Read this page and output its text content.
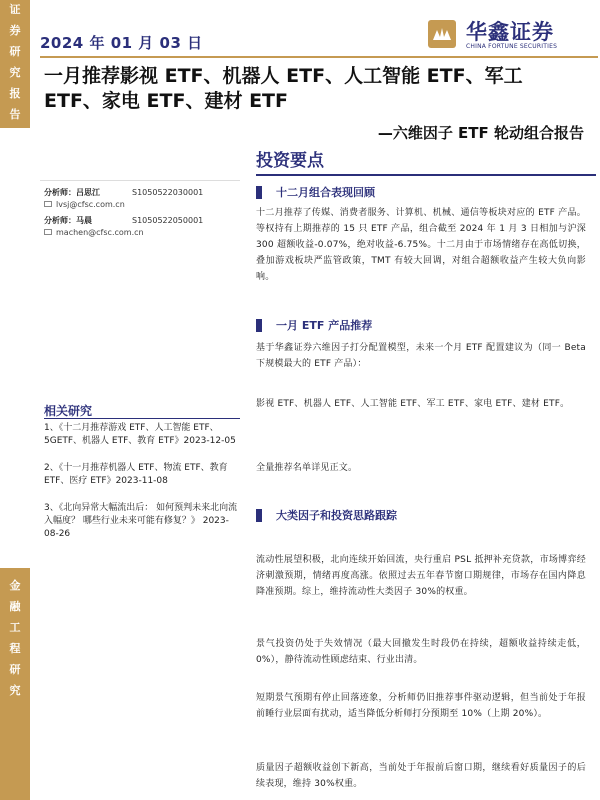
证
券
研
究
报
告
金
融
工
程
研
究
2024 年 01 月 03 日	华鑫证券
CHINA FORTUNE SECURITIES
一月推荐影视 ETF、机器人 ETF、人工智能 ETF、军工 ETF、家电 ETF、建材 ETF
—六维因子 ETF 轮动组合报告
投资要点
分析师：吕思江	S1050522030001
lvsj@cfsc.com.cn
分析师：马晨	S1050522050001
machen@cfsc.com.cn
相关研究
1、《十二月推荐游戏 ETF、人工智能 ETF、5GETF、机器人 ETF、教育 ETF》2023-12-05
2、《十一月推荐机器人 ETF、物流 ETF、教育 ETF、医疗 ETF》2023-11-08
3、《北向异常大幅流出后： 如何预判未来北向流入幅度？ 哪些行业未来可能有修复？》 2023-08-26
十二月组合表现回顾
十二月推荐了传媒、消费者服务、计算机、机械、通信等板块对应的 ETF 产品。等权持有上期推荐的 15 只 ETF 产品，组合截至 2024 年 1 月 3 日相加与沪深 300 超额收益-0.07%，绝对收益-6.75%。十二月由于市场情绪存在高低切换，叠加游戏板块严监管政策，TMT 有较大回调，对组合超额收益产生较大负向影响。
一月 ETF 产品推荐
基于华鑫证券六维因子打分配置模型，未来一个月 ETF 配置建议为（同一 Beta 下规模最大的 ETF 产品）：
影视 ETF、机器人 ETF、人工智能 ETF、军工 ETF、家电 ETF、建材 ETF。
全量推荐名单详见正文。
大类因子和投资思路跟踪
流动性展望积极，北向连续开始回流，央行重启 PSL 抵押补充贷款，市场博弈经济刺激预期，情绪再度高涨。依照过去五年春节窗口期规律，市场存在国内降息降准预期。综上，维持流动性大类因子 30%的权重。
景气投资仍处于失效情况（最大回撤发生时段仍在持续，超额收益持续走低，0%），静待流动性顾虑结束、行业出清。
短期景气预期有停止回落迹象，分析师仍旧推荐事件驱动逻辑，但当前处于年报前睡行业层面有扰动，适当降低分析师打分预期至 10%（上期 20%）。
质量因子超额收益创下新高，当前处于年报前后窗口期，继续看好质量因子的后续表现，维持 30%权重。
